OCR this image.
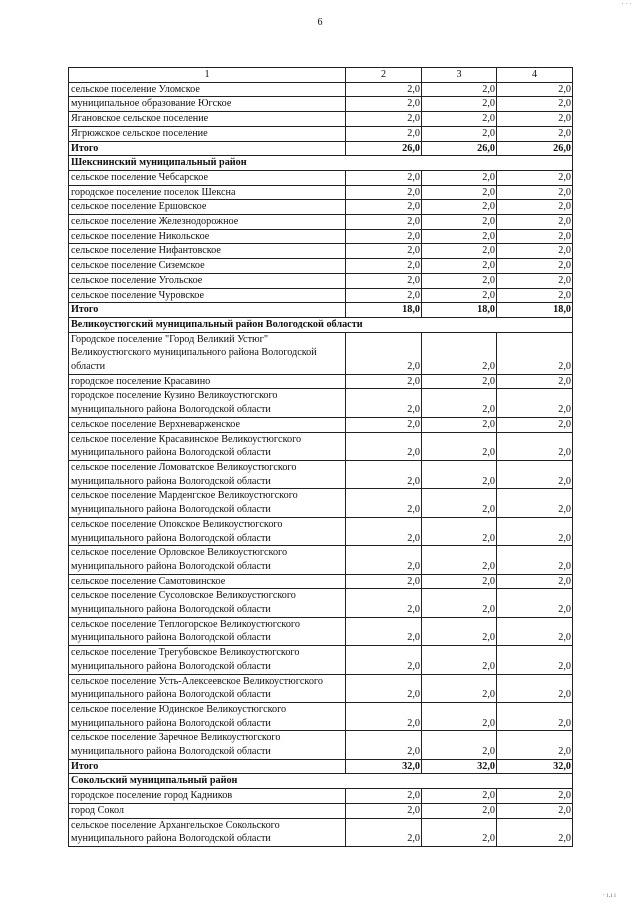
6
· · ·
1	2	3	4
сельское поселение Уломское	2,0	2,0	2,0
муниципальное образование Югское	2,0	2,0	2,0
Ягановское сельское поселение	2,0	2,0	2,0
Ягрюжское сельское поселение	2,0	2,0	2,0
Итого	26,0	26,0	26,0
Шекснинский муниципальный район			
сельское поселение Чебсарское	2,0	2,0	2,0
городское поселение поселок Шексна	2,0	2,0	2,0
сельское поселение Ершовское	2,0	2,0	2,0
сельское поселение Железнодорожное	2,0	2,0	2,0
сельское поселение Никольское	2,0	2,0	2,0
сельское поселение Нифантовское	2,0	2,0	2,0
сельское поселение Сиземское	2,0	2,0	2,0
сельское поселение Угольское	2,0	2,0	2,0
сельское поселение Чуровское	2,0	2,0	2,0
Итого	18,0	18,0	18,0
Великоустюгский муниципальный район Вологодской области			
Городское поселение "Город Великий Устюг" Великоустюгского муниципального района Вологодской области	2,0	2,0	2,0
городское поселение Красавино	2,0	2,0	2,0
городское поселение Кузино Великоустюгского муниципального района Вологодской области	2,0	2,0	2,0
сельское поселение Верхневарженское	2,0	2,0	2,0
сельское поселение Красавинское Великоустюгского муниципального района Вологодской области	2,0	2,0	2,0
сельское поселение Ломоватское Великоустюгского муниципального района Вологодской области	2,0	2,0	2,0
сельское поселение Марденгское Великоустюгского муниципального района Вологодской области	2,0	2,0	2,0
сельское поселение Опокское Великоустюгского муниципального района Вологодской области	2,0	2,0	2,0
сельское поселение Орловское Великоустюгского муниципального района Вологодской области	2,0	2,0	2,0
сельское поселение Самотовинское	2,0	2,0	2,0
сельское поселение Сусоловское Великоустюгского муниципального района Вологодской области	2,0	2,0	2,0
сельское поселение Теплогорское Великоустюгского муниципального района Вологодской области	2,0	2,0	2,0
сельское поселение Трегубовское Великоустюгского муниципального района Вологодской области	2,0	2,0	2,0
сельское поселение Усть-Алексеевское Великоустюгского муниципального района Вологодской области	2,0	2,0	2,0
сельское поселение Юдинское Великоустюгского муниципального района Вологодской области	2,0	2,0	2,0
сельское поселение Заречное Великоустюгского муниципального района Вологодской области	2,0	2,0	2,0
Итого	32,0	32,0	32,0
Сокольский муниципальный район			
городское поселение город Кадников	2,0	2,0	2,0
город Сокол	2,0	2,0	2,0
сельское поселение Архангельское Сокольского муниципального района Вологодской области	2,0	2,0	2,0
· ı.ı ı
